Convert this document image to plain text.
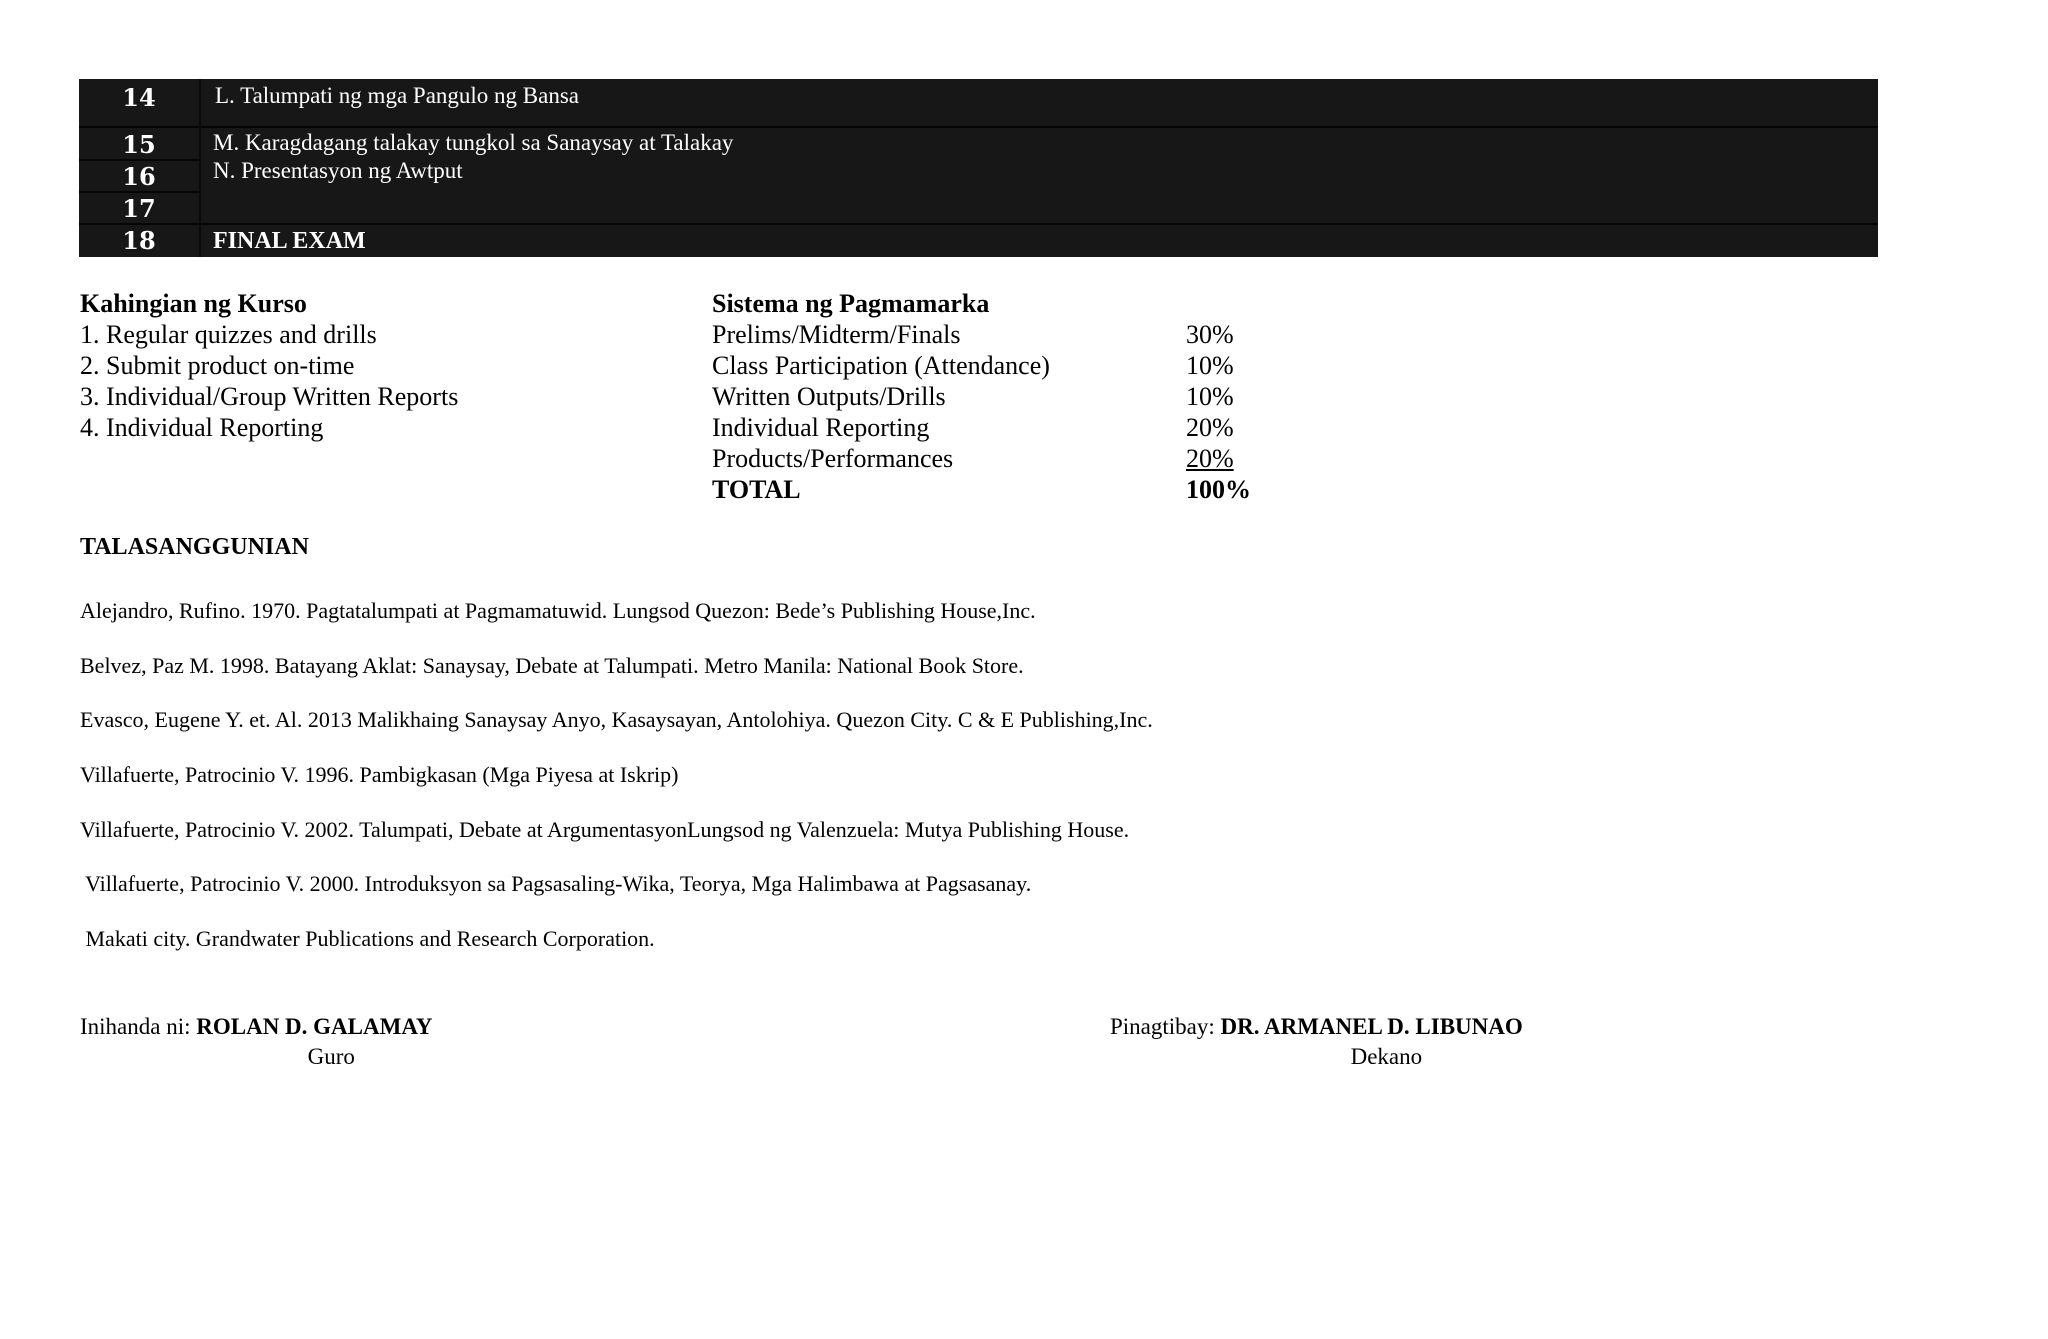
14	L. Talumpati ng mga Pangulo ng Bansa
15	M. Karagdagang talakay tungkol sa Sanaysay at Talakay
16	N. Presentasyon ng Awtput
17
18	FINAL EXAM
Kahingian ng Kurso
1. Regular quizzes and drills
2. Submit product on-time
3. Individual/Group Written Reports
4. Individual Reporting
Sistema ng Pagmamarka
Prelims/Midterm/Finals	30%
Class Participation (Attendance)	10%
Written Outputs/Drills	10%
Individual Reporting	20%
Products/Performances	20%
TOTAL	100%
TALASANGGUNIAN
Alejandro, Rufino. 1970. Pagtatalumpati at Pagmamatuwid. Lungsod Quezon: Bede’s Publishing House,Inc.
Belvez, Paz M. 1998. Batayang Aklat: Sanaysay, Debate at Talumpati. Metro Manila: National Book Store.
Evasco, Eugene Y. et. Al. 2013 Malikhaing Sanaysay Anyo, Kasaysayan, Antolohiya. Quezon City. C & E Publishing,Inc.
Villafuerte, Patrocinio V. 1996. Pambigkasan (Mga Piyesa at Iskrip)
Villafuerte, Patrocinio V. 2002. Talumpati, Debate at ArgumentasyonLungsod ng Valenzuela: Mutya Publishing House.
Villafuerte, Patrocinio V. 2000. Introduksyon sa Pagsasaling-Wika, Teorya, Mga Halimbawa at Pagsasanay.
Makati city. Grandwater Publications and Research Corporation.
Inihanda ni: ROLAN D. GALAMAY
Guro
Pinagtibay: DR. ARMANEL D. LIBUNAO
Dekano
